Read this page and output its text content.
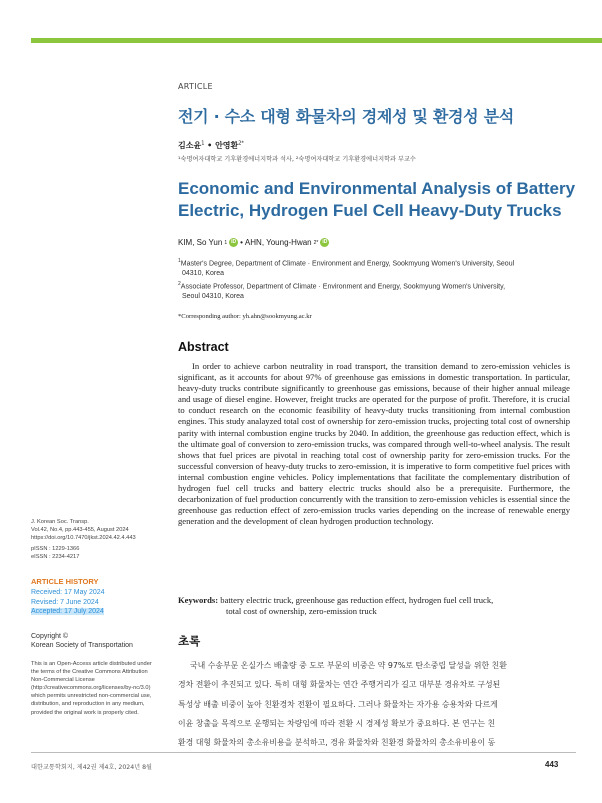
ARTICLE
전기 · 수소 대형 화물차의 경제성 및 환경성 분석
김소윤$^1$ • 안영환$^{2*}$
¹숙명여자대학교 기후환경에너지학과 석사, ²숙명여자대학교 기후환경에너지학과 부교수
Economic and Environmental Analysis of Battery Electric, Hydrogen Fuel Cell Heavy-Duty Trucks
KIM, So Yun 1 iD • AHN, Young-Hwan 2* iD
$^1$Master's Degree, Department of Climate · Environment and Energy, Sookmyung Women's University, Seoul
04310, Korea
$^2$Associate Professor, Department of Climate · Environment and Energy, Sookmyung Women's University,
Seoul 04310, Korea
*Corresponding author: yh.ahn@sookmyung.ac.kr
Abstract

In order to achieve carbon neutrality in road transport, the transition demand to zero-emission vehicles is significant, as it accounts for about 97% of greenhouse gas emissions in domestic transportation. In particular, heavy-duty trucks contribute significantly to greenhouse gas emissions, because of their higher annual mileage and usage of diesel engine. However, freight trucks are operated for the purpose of profit. Therefore, it is crucial to conduct research on the economic feasibility of heavy-duty trucks transitioning from internal combustion engines. This study analayzed total cost of ownership for zero-emission trucks, projecting total cost of ownership parity with internal combustion engine trucks by 2040. In addition, the greenhouse gas reduction effect, which is the ultimate goal of conversion to zero-emission trucks, was compared through well-to-wheel analysis. The result shows that fuel prices are pivotal in reaching total cost of ownership parity for zero-emission trucks. For the successful conversion of heavy-duty trucks to zero-emission, it is imperative to form competitive fuel prices with internal combustion engine vehicles. Policy implementations that facilitate the complementary distribution of hydrogen fuel cell trucks and battery electric trucks should also be a prerequisite. Furthermore, the decarbonization of fuel production concurrently with the transition to zero-emission vehicles is essential since the greenhouse gas reduction effect of zero-emission trucks varies depending on the increase of renewable energy generation and the development of clean hydrogen production technology.

Keywords: battery electric truck, greenhouse gas reduction effect, hydrogen fuel cell truck,
total cost of ownership, zero-emission truck
초록

국내 수송부문 온실가스 배출량 중 도로 부문의 비중은 약 97%로 탄소중립 달성을 위한 친환
경차 전환이 추진되고 있다. 특히 대형 화물차는 연간 주행거리가 길고 대부분 경유차로 구성된
특성상 배출 비중이 높아 친환경차 전환이 필요하다. 그러나 화물차는 자가용 승용차와 다르게
이윤 창출을 목적으로 운행되는 차량임에 따라 전환 시 경제성 확보가 중요하다. 본 연구는 친
환경 대형 화물차의 총소유비용을 분석하고, 경유 화물차와 친환경 화물차의 총소유비용이 동

J. Korean Soc. Transp.
Vol.42, No.4, pp.443-455, August 2024
https://doi.org/10.7470/jkst.2024.42.4.443
pISSN : 1229-1366
eISSN : 2234-4217
ARTICLE HISTORY
Received: 17 May 2024
Revised: 7 June 2024
Accepted: 17 July 2024
Copyright ©
Korean Society of Transportation
This is an Open-Access article distributed under
the terms of the Creative Commons Attribution
Non-Commercial License
(http://creativecommons.org/licenses/by-nc/3.0)
which permits unrestricted non-commercial use,
distribution, and reproduction in any medium,
provided the original work is properly cited.
대한교통학회지, 제42권 제4호, 2024년 8월	443
